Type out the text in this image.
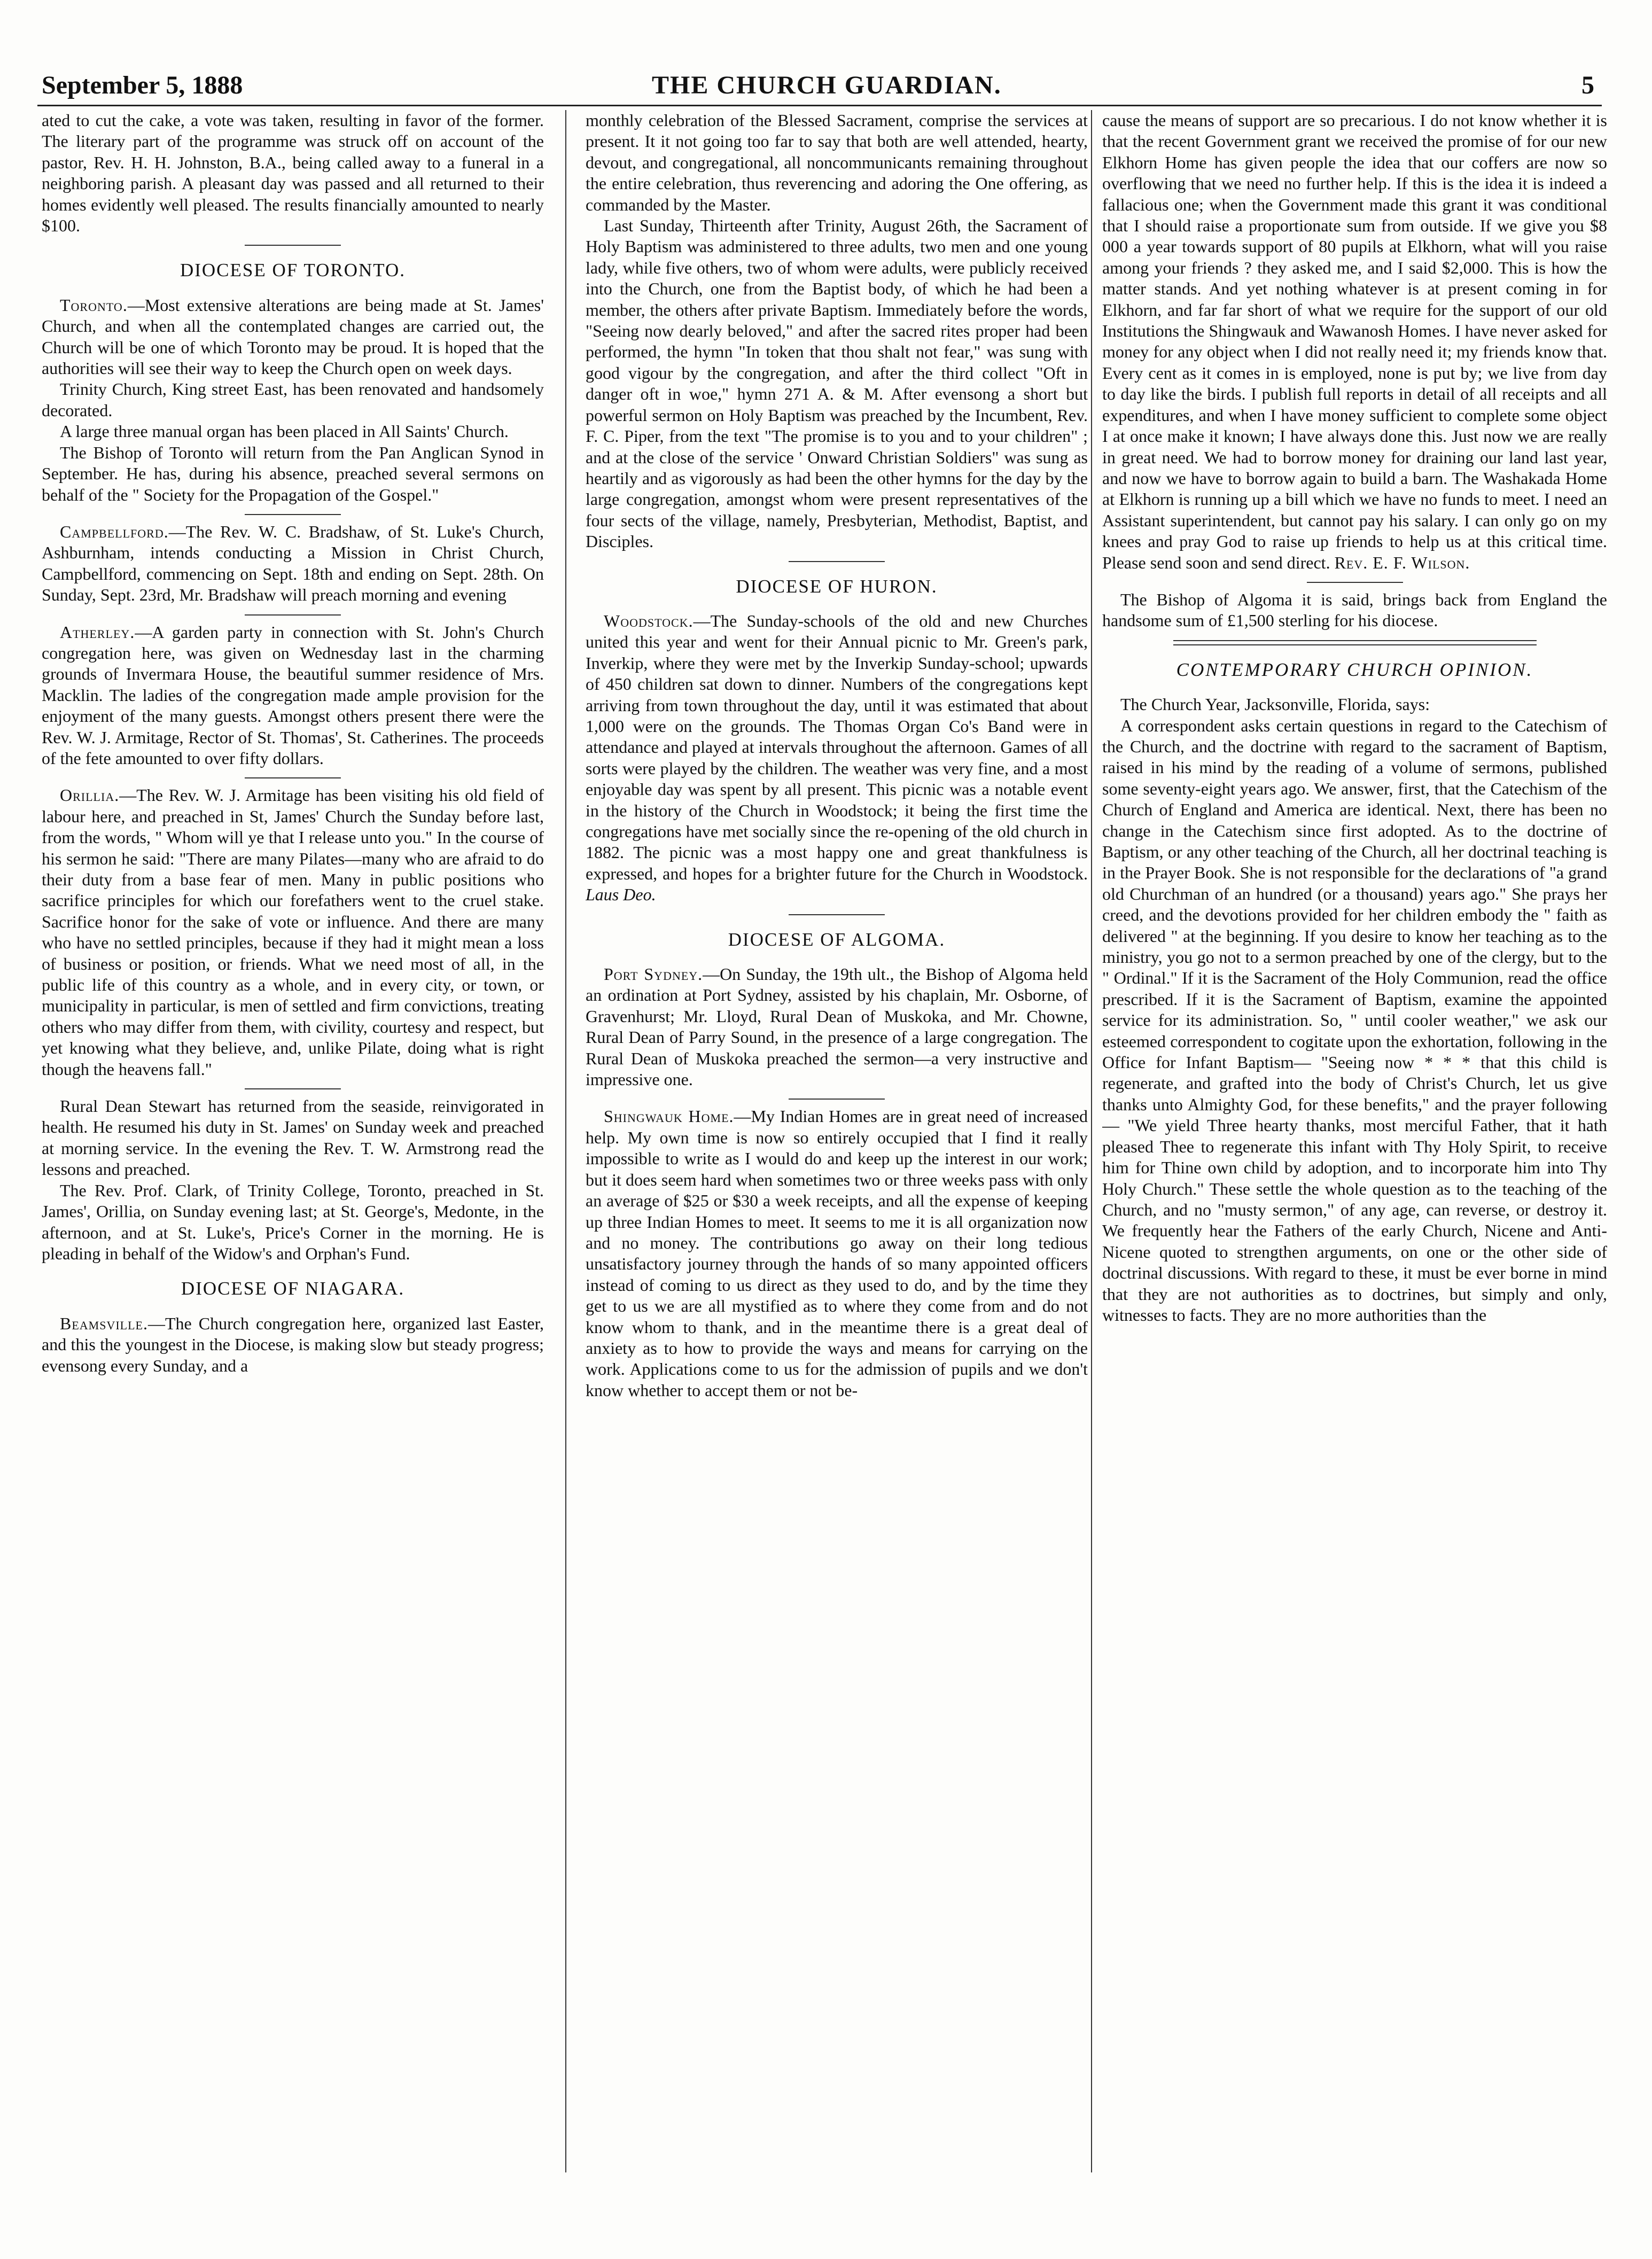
September 5, 1888	THE CHURCH GUARDIAN.	5

ated to cut the cake, a vote was taken, resulting in favor of the former. The literary part of the programme was struck off on account of the pastor, Rev. H. H. Johnston, B.A., being called away to a funeral in a neighboring parish. A pleasant day was passed and all returned to their homes evidently well pleased. The results financially amounted to nearly $100.

DIOCESE OF TORONTO.

Toronto.—Most extensive alterations are being made at St. James' Church, and when all the contemplated changes are carried out, the Church will be one of which Toronto may be proud. It is hoped that the authorities will see their way to keep the Church open on week days.

Trinity Church, King street East, has been renovated and handsomely decorated.

A large three manual organ has been placed in All Saints' Church.

The Bishop of Toronto will return from the Pan Anglican Synod in September. He has, during his absence, preached several sermons on behalf of the " Society for the Propagation of the Gospel."

Campbellford.—The Rev. W. C. Bradshaw, of St. Luke's Church, Ashburnham, intends conducting a Mission in Christ Church, Campbellford, commencing on Sept. 18th and ending on Sept. 28th. On Sunday, Sept. 23rd, Mr. Bradshaw will preach morning and evening

Atherley.—A garden party in connection with St. John's Church congregation here, was given on Wednesday last in the charming grounds of Invermara House, the beautiful summer residence of Mrs. Macklin. The ladies of the congregation made ample provision for the enjoyment of the many guests. Amongst others present there were the Rev. W. J. Armitage, Rector of St. Thomas', St. Catherines. The proceeds of the fete amounted to over fifty dollars.

Orillia.—The Rev. W. J. Armitage has been visiting his old field of labour here, and preached in St, James' Church the Sunday before last, from the words, " Whom will ye that I release unto you." In the course of his sermon he said: "There are many Pilates—many who are afraid to do their duty from a base fear of men. Many in public positions who sacrifice principles for which our forefathers went to the cruel stake. Sacrifice honor for the sake of vote or influence. And there are many who have no settled principles, because if they had it might mean a loss of business or position, or friends. What we need most of all, in the public life of this country as a whole, and in every city, or town, or municipality in particular, is men of settled and firm convictions, treating others who may differ from them, with civility, courtesy and respect, but yet knowing what they believe, and, unlike Pilate, doing what is right though the heavens fall."

Rural Dean Stewart has returned from the seaside, reinvigorated in health. He resumed his duty in St. James' on Sunday week and preached at morning service. In the evening the Rev. T. W. Armstrong read the lessons and preached.

The Rev. Prof. Clark, of Trinity College, Toronto, preached in St. James', Orillia, on Sunday evening last; at St. George's, Medonte, in the afternoon, and at St. Luke's, Price's Corner in the morning. He is pleading in behalf of the Widow's and Orphan's Fund.

DIOCESE OF NIAGARA.

Beamsville.—The Church congregation here, organized last Easter, and this the youngest in the Diocese, is making slow but steady progress; evensong every Sunday, and a

monthly celebration of the Blessed Sacrament, comprise the services at present. It it not going too far to say that both are well attended, hearty, devout, and congregational, all noncommunicants remaining throughout the entire celebration, thus reverencing and adoring the One offering, as commanded by the Master.

Last Sunday, Thirteenth after Trinity, August 26th, the Sacrament of Holy Baptism was administered to three adults, two men and one young lady, while five others, two of whom were adults, were publicly received into the Church, one from the Baptist body, of which he had been a member, the others after private Baptism. Immediately before the words, "Seeing now dearly beloved," and after the sacred rites proper had been performed, the hymn "In token that thou shalt not fear," was sung with good vigour by the congregation, and after the third collect "Oft in danger oft in woe," hymn 271 A. & M. After evensong a short but powerful sermon on Holy Baptism was preached by the Incumbent, Rev. F. C. Piper, from the text "The promise is to you and to your children" ; and at the close of the service ' Onward Christian Soldiers" was sung as heartily and as vigorously as had been the other hymns for the day by the large congregation, amongst whom were present representatives of the four sects of the village, namely, Presbyterian, Methodist, Baptist, and Disciples.

DIOCESE OF HURON.

Woodstock.—The Sunday-schools of the old and new Churches united this year and went for their Annual picnic to Mr. Green's park, Inverkip, where they were met by the Inverkip Sunday-school; upwards of 450 children sat down to dinner. Numbers of the congregations kept arriving from town throughout the day, until it was estimated that about 1,000 were on the grounds. The Thomas Organ Co's Band were in attendance and played at intervals throughout the afternoon. Games of all sorts were played by the children. The weather was very fine, and a most enjoyable day was spent by all present. This picnic was a notable event in the history of the Church in Woodstock; it being the first time the congregations have met socially since the re-opening of the old church in 1882. The picnic was a most happy one and great thankfulness is expressed, and hopes for a brighter future for the Church in Woodstock. Laus Deo.

DIOCESE OF ALGOMA.

Port Sydney.—On Sunday, the 19th ult., the Bishop of Algoma held an ordination at Port Sydney, assisted by his chaplain, Mr. Osborne, of Gravenhurst; Mr. Lloyd, Rural Dean of Muskoka, and Mr. Chowne, Rural Dean of Parry Sound, in the presence of a large congregation. The Rural Dean of Muskoka preached the sermon—a very instructive and impressive one.

Shingwauk Home.—My Indian Homes are in great need of increased help. My own time is now so entirely occupied that I find it really impossible to write as I would do and keep up the interest in our work; but it does seem hard when sometimes two or three weeks pass with only an average of $25 or $30 a week receipts, and all the expense of keeping up three Indian Homes to meet. It seems to me it is all organization now and no money. The contributions go away on their long tedious unsatisfactory journey through the hands of so many appointed officers instead of coming to us direct as they used to do, and by the time they get to us we are all mystified as to where they come from and do not know whom to thank, and in the meantime there is a great deal of anxiety as to how to provide the ways and means for carrying on the work. Applications come to us for the admission of pupils and we don't know whether to accept them or not be-

cause the means of support are so precarious. I do not know whether it is that the recent Government grant we received the promise of for our new Elkhorn Home has given people the idea that our coffers are now so overflowing that we need no further help. If this is the idea it is indeed a fallacious one; when the Government made this grant it was conditional that I should raise a proportionate sum from outside. If we give you $8 000 a year towards support of 80 pupils at Elkhorn, what will you raise among your friends ? they asked me, and I said $2,000. This is how the matter stands. And yet nothing whatever is at present coming in for Elkhorn, and far far short of what we require for the support of our old Institutions the Shingwauk and Wawanosh Homes. I have never asked for money for any object when I did not really need it; my friends know that. Every cent as it comes in is employed, none is put by; we live from day to day like the birds. I publish full reports in detail of all receipts and all expenditures, and when I have money sufficient to complete some object I at once make it known; I have always done this. Just now we are really in great need. We had to borrow money for draining our land last year, and now we have to borrow again to build a barn. The Washakada Home at Elkhorn is running up a bill which we have no funds to meet. I need an Assistant superintendent, but cannot pay his salary. I can only go on my knees and pray God to raise up friends to help us at this critical time. Please send soon and send direct. Rev. E. F. Wilson.

The Bishop of Algoma it is said, brings back from England the handsome sum of £1,500 sterling for his diocese.

CONTEMPORARY CHURCH OPINION.

The Church Year, Jacksonville, Florida, says:

A correspondent asks certain questions in regard to the Catechism of the Church, and the doctrine with regard to the sacrament of Baptism, raised in his mind by the reading of a volume of sermons, published some seventy-eight years ago. We answer, first, that the Catechism of the Church of England and America are identical. Next, there has been no change in the Catechism since first adopted. As to the doctrine of Baptism, or any other teaching of the Church, all her doctrinal teaching is in the Prayer Book. She is not responsible for the declarations of "a grand old Churchman of an hundred (or a thousand) years ago." She prays her creed, and the devotions provided for her children embody the " faith as delivered " at the beginning. If you desire to know her teaching as to the ministry, you go not to a sermon preached by one of the clergy, but to the " Ordinal." If it is the Sacrament of the Holy Communion, read the office prescribed. If it is the Sacrament of Baptism, examine the appointed service for its administration. So, " until cooler weather," we ask our esteemed correspondent to cogitate upon the exhortation, following in the Office for Infant Baptism— "Seeing now * * * that this child is regenerate, and grafted into the body of Christ's Church, let us give thanks unto Almighty God, for these benefits," and the prayer following— "We yield Three hearty thanks, most merciful Father, that it hath pleased Thee to regenerate this infant with Thy Holy Spirit, to receive him for Thine own child by adoption, and to incorporate him into Thy Holy Church." These settle the whole question as to the teaching of the Church, and no "musty sermon," of any age, can reverse, or destroy it. We frequently hear the Fathers of the early Church, Nicene and Anti-Nicene quoted to strengthen arguments, on one or the other side of doctrinal discussions. With regard to these, it must be ever borne in mind that they are not authorities as to doctrines, but simply and only, witnesses to facts. They are no more authorities than the
